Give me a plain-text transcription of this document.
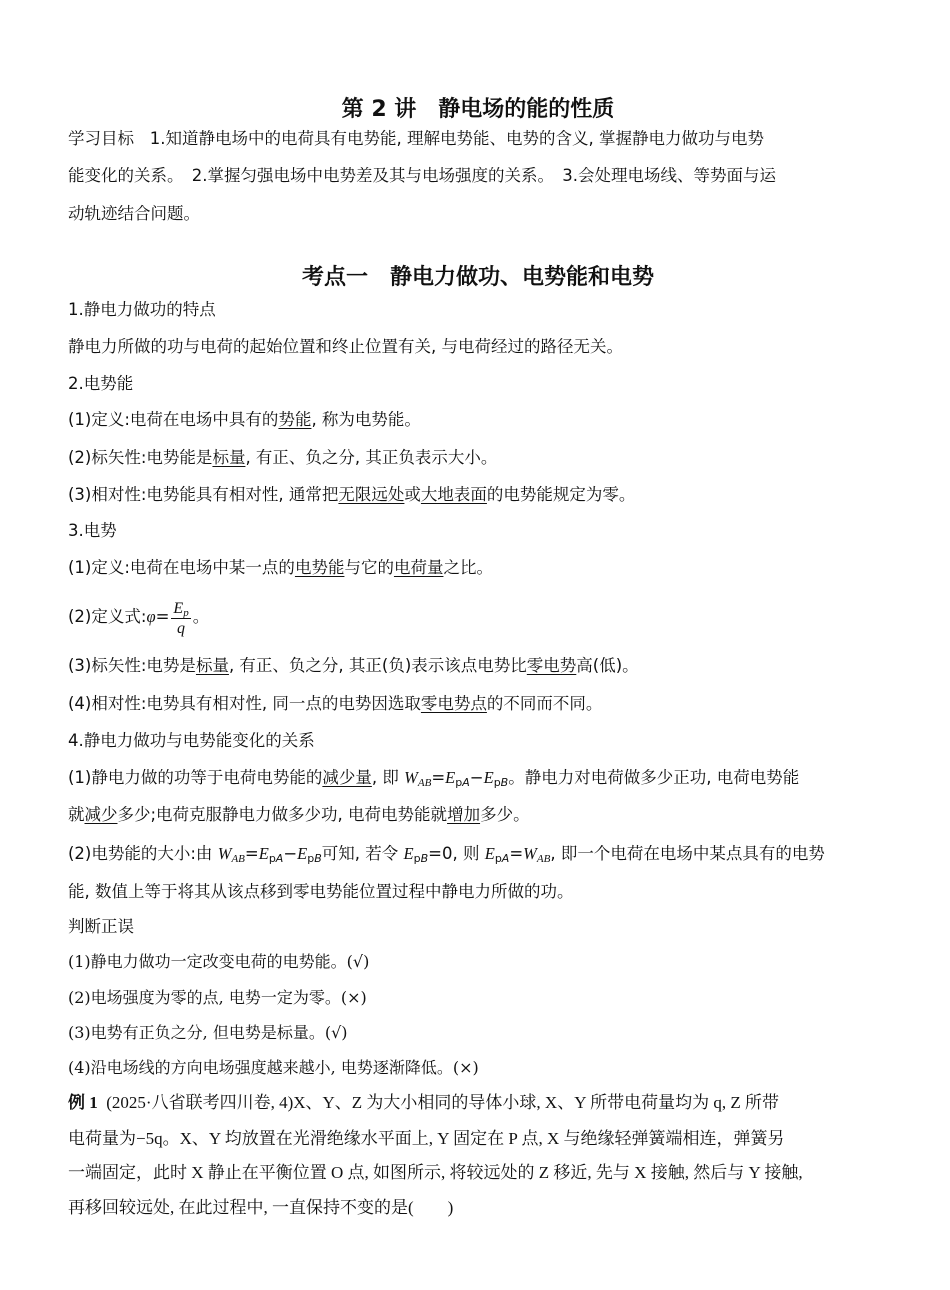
第 2 讲　静电场的能的性质
学习目标 1.知道静电场中的电荷具有电势能, 理解电势能、电势的含义, 掌握静电力做功与电势
能变化的关系。　2.掌握匀强电场中电势差及其与电场强度的关系。　3.会处理电场线、等势面与运
动轨迹结合问题。
考点一　静电力做功、电势能和电势
1.静电力做功的特点
静电力所做的功与电荷的起始位置和终止位置有关, 与电荷经过的路径无关。
2.电势能
(1)定义:电荷在电场中具有的势能, 称为电势能。
(2)标矢性:电势能是标量, 有正、负之分, 其正负表示大小。
(3)相对性:电势能具有相对性, 通常把无限远处或大地表面的电势能规定为零。
3.电势
(1)定义:电荷在电场中某一点的电势能与它的电荷量之比。
(2)定义式:φ= $\frac{E_p}{q}$ 。
(3)标矢性:电势是标量, 有正、负之分, 其正(负)表示该点电势比零电势高(低)。
(4)相对性:电势具有相对性, 同一点的电势因选取零电势点的不同而不同。
4.静电力做功与电势能变化的关系
(1)静电力做的功等于电荷电势能的减少量, 即 $W_{AB}=E_{pA}-E_{pB}$。静电力对电荷做多少正功, 电荷电势能
就减少多少;电荷克服静电力做多少功, 电荷电势能就增加多少。
(2)电势能的大小:由 $W_{AB}=E_{pA}-E_{pB}$可知, 若令 $E_{pB}=0$, 则 $E_{pA}=W_{AB}$, 即一个电荷在电场中某点具有的电势
能, 数值上等于将其从该点移到零电势能位置过程中静电力所做的功。
判断正误
(1)静电力做功一定改变电荷的电势能。(√)
(2)电场强度为零的点, 电势一定为零。(×)
(3)电势有正负之分, 但电势是标量。(√)
(4)沿电场线的方向电场强度越来越小, 电势逐渐降低。(×)
例 1 (2025·八省联考四川卷, 4)X、Y、Z 为大小相同的导体小球, X、Y 所带电荷量均为 q, Z 所带
电荷量为−5q。X、Y 均放置在光滑绝缘水平面上, Y 固定在 P 点, X 与绝缘轻弹簧端相连，弹簧另
一端固定，此时 X 静止在平衡位置 O 点, 如图所示, 将较远处的 Z 移近, 先与 X 接触, 然后与 Y 接触,
再移回较远处, 在此过程中, 一直保持不变的是(　　)
